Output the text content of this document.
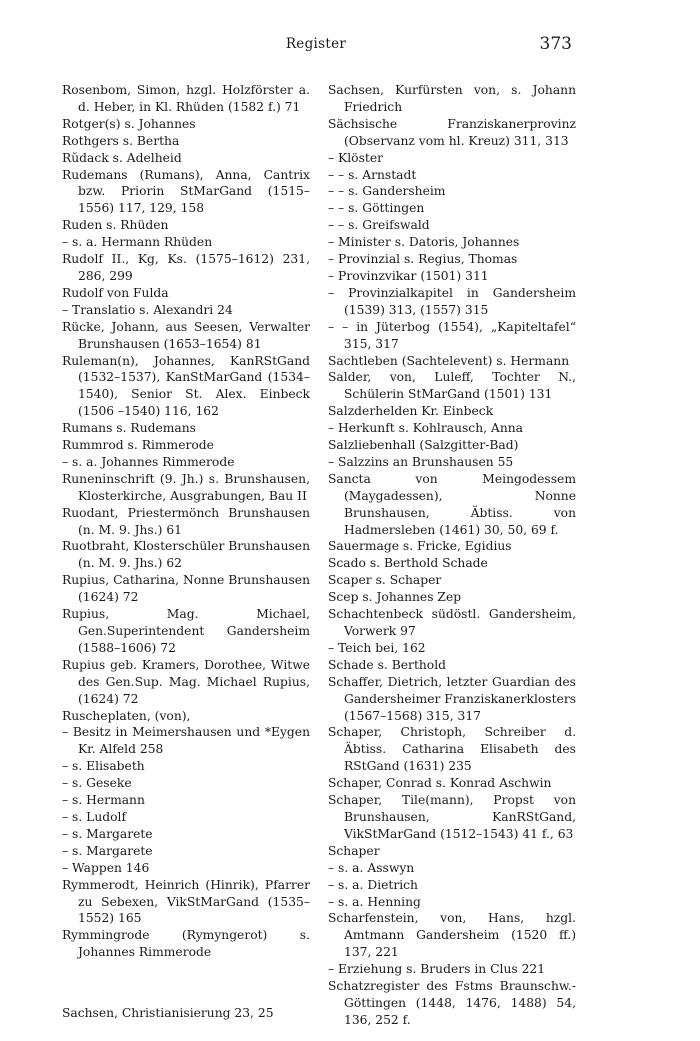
Register	373

Rosenbom, Simon, hzgl. Holzförster a. d. Heber, in Kl. Rhüden (1582 f.) 71

Rotger(s) s. Johannes

Rothgers s. Bertha

Rŭdack s. Adelheid

Rudemans (Rumans), Anna, Cantrix bzw. Priorin StMarGand (1515–1556) 117, 129, 158

Ruden s. Rhüden

– s. a. Hermann Rhüden

Rudolf II., Kg, Ks. (1575–1612) 231, 286, 299

Rudolf von Fulda

– Translatio s. Alexandri 24

Rücke, Johann, aus Seesen, Verwalter Brunshausen (1653–1654) 81

Ruleman(n), Johannes, KanRStGand (1532–1537), KanStMarGand (1534–1540), Senior St. Alex. Einbeck (1506 –1540) 116, 162

Rumans s. Rudemans

Rummrod s. Rimmerode

– s. a. Johannes Rimmerode

Runeninschrift (9. Jh.) s. Brunshausen, Klosterkirche, Ausgrabungen, Bau II

Ruodant, Priestermönch Brunshausen (n. M. 9. Jhs.) 61

Ruotbraht, Klosterschüler Brunshausen (n. M. 9. Jhs.) 62

Rupius, Catharina, Nonne Brunshausen (1624) 72

Rupius, Mag. Michael, Gen.Superintendent Gandersheim (1588–1606) 72

Rupius geb. Kramers, Dorothee, Witwe des Gen.Sup. Mag. Michael Rupius, (1624) 72

Ruscheplaten, (von),

– Besitz in Meimershausen und *Eygen Kr. Alfeld 258

– s. Elisabeth

– s. Geseke

– s. Hermann

– s. Ludolf

– s. Margarete

– s. Margarete

– Wappen 146

Rymmerodt, Heinrich (Hinrik), Pfarrer zu Sebexen, VikStMarGand (1535–1552) 165

Rymmingrode (Rymyngerot) s. Johannes Rimmerode

Sachsen, Christianisierung 23, 25

Sachsen, Kurfürsten von, s. Johann Friedrich

Sächsische Franziskanerprovinz (Observanz vom hl. Kreuz) 311, 313

– Klöster

– – s. Arnstadt

– – s. Gandersheim

– – s. Göttingen

– – s. Greifswald

– Minister s. Datoris, Johannes

– Provinzial s. Regius, Thomas

– Provinzvikar (1501) 311

– Provinzialkapitel in Gandersheim (1539) 313, (1557) 315

– – in Jüterbog (1554), „Kapiteltafel“ 315, 317

Sachtleben (Sachtelevent) s. Hermann

Salder, von, Luleff, Tochter N., Schülerin StMarGand (1501) 131

Salzderhelden Kr. Einbeck

– Herkunft s. Kohlrausch, Anna

Salzliebenhall (Salzgitter-Bad)

– Salzzins an Brunshausen 55

Sancta von Meingodessem (Maygadessen), Nonne Brunshausen, Äbtiss. von Hadmersleben (1461) 30, 50, 69 f.

Sauermage s. Fricke, Egidius

Scado s. Berthold Schade

Scaper s. Schaper

Scep s. Johannes Zep

Schachtenbeck südöstl. Gandersheim, Vorwerk 97

– Teich bei, 162

Schade s. Berthold

Schaffer, Dietrich, letzter Guardian des Gandersheimer Franziskanerklosters (1567–1568) 315, 317

Schaper, Christoph, Schreiber d. Äbtiss. Catharina Elisabeth des RStGand (1631) 235

Schaper, Conrad s. Konrad Aschwin

Schaper, Tile(mann), Propst von Brunshausen, KanRStGand, VikStMarGand (1512–1543) 41 f., 63

Schaper

– s. a. Asswyn

– s. a. Dietrich

– s. a. Henning

Scharfenstein, von, Hans, hzgl. Amtmann Gandersheim (1520 ff.) 137, 221

– Erziehung s. Bruders in Clus 221

Schatzregister des Fstms Braunschw.-Göttingen (1448, 1476, 1488) 54, 136, 252 f.
